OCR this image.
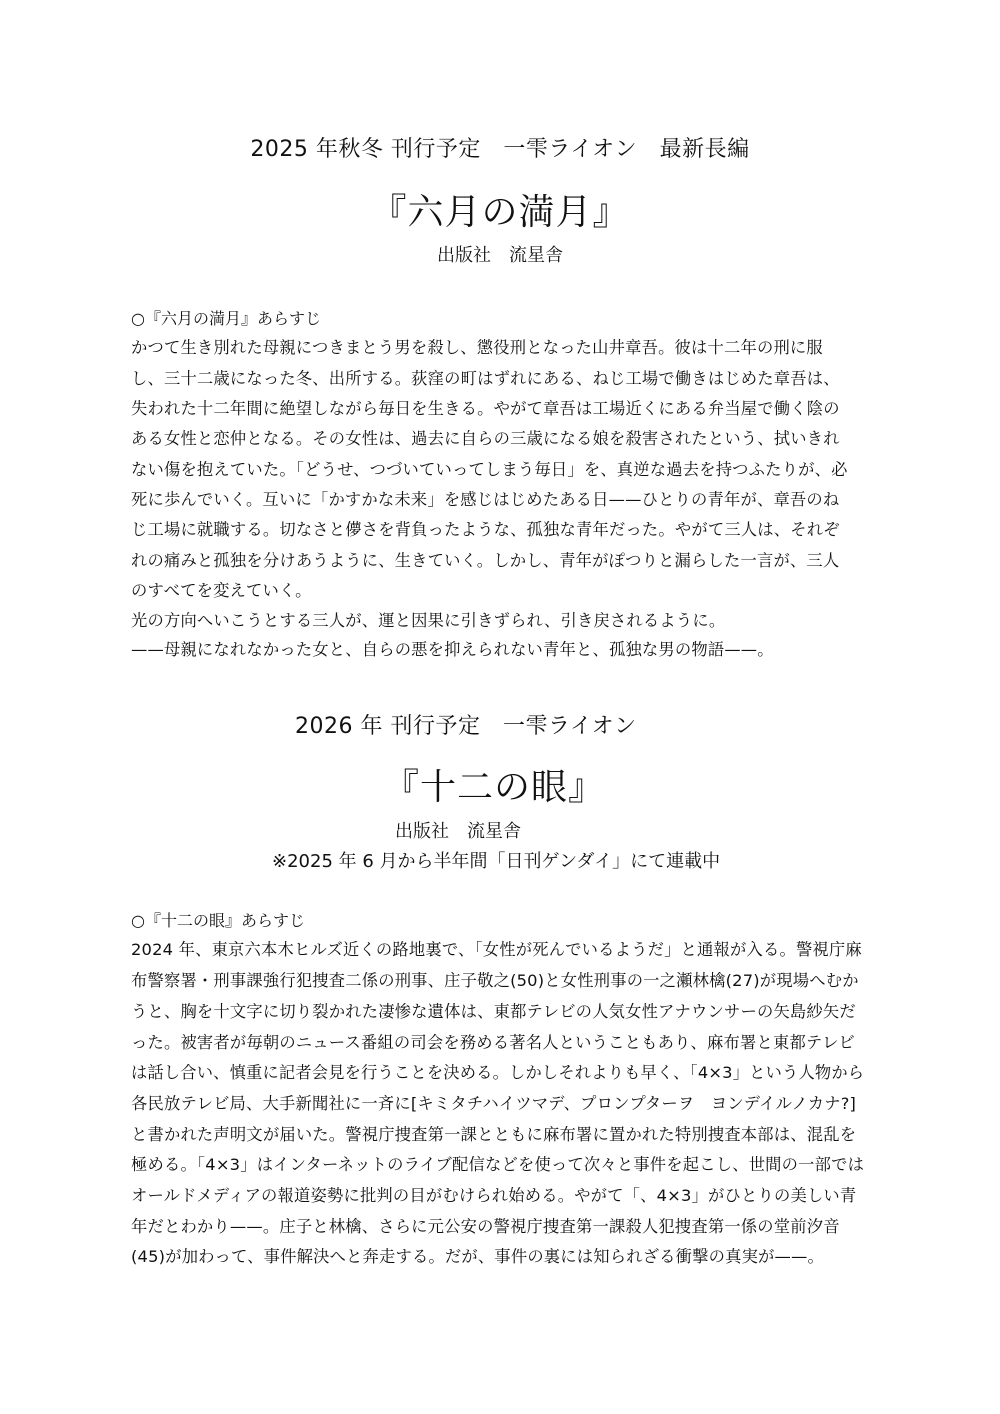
2025 年秋冬 刊行予定　一雫ライオン　最新長編
『六月の満月』
出版社　流星舎
○『六月の満月』あらすじ
かつて生き別れた母親につきまとう男を殺し、懲役刑となった山井章吾。彼は十二年の刑に服
し、三十二歳になった冬、出所する。荻窪の町はずれにある、ねじ工場で働きはじめた章吾は、
失われた十二年間に絶望しながら毎日を生きる。やがて章吾は工場近くにある弁当屋で働く陰の
ある女性と恋仲となる。その女性は、過去に自らの三歳になる娘を殺害されたという、拭いきれ
ない傷を抱えていた。「どうせ、つづいていってしまう毎日」を、真逆な過去を持つふたりが、必
死に歩んでいく。互いに「かすかな未来」を感じはじめたある日——ひとりの青年が、章吾のね
じ工場に就職する。切なさと儚さを背負ったような、孤独な青年だった。やがて三人は、それぞ
れの痛みと孤独を分けあうように、生きていく。しかし、青年がぽつりと漏らした一言が、三人
のすべてを変えていく。
光の方向へいこうとする三人が、運と因果に引きずられ、引き戻されるように。
——母親になれなかった女と、自らの悪を抑えられない青年と、孤独な男の物語——。
2026 年 刊行予定　一雫ライオン
『十二の眼』
出版社　流星舎
※2025 年 6 月から半年間「日刊ゲンダイ」にて連載中
○『十二の眼』あらすじ
2024 年、東京六本木ヒルズ近くの路地裏で、「女性が死んでいるようだ」と通報が入る。警視庁麻
布警察署・刑事課強行犯捜査二係の刑事、庄子敬之(50)と女性刑事の一之瀬林檎(27)が現場へむか
うと、胸を十文字に切り裂かれた凄惨な遺体は、東都テレビの人気女性アナウンサーの矢島紗矢だ
った。被害者が毎朝のニュース番組の司会を務める著名人ということもあり、麻布署と東都テレビ
は話し合い、慎重に記者会見を行うことを決める。しかしそれよりも早く、「4×3」という人物から
各民放テレビ局、大手新聞社に一斉に[キミタチハイツマデ、プロンプターヲ　ヨンデイルノカナ?]
と書かれた声明文が届いた。警視庁捜査第一課とともに麻布署に置かれた特別捜査本部は、混乱を
極める。「4×3」はインターネットのライブ配信などを使って次々と事件を起こし、世間の一部では
オールドメディアの報道姿勢に批判の目がむけられ始める。やがて「、4×3」がひとりの美しい青
年だとわかり——。庄子と林檎、さらに元公安の警視庁捜査第一課殺人犯捜査第一係の堂前汐音
(45)が加わって、事件解決へと奔走する。だが、事件の裏には知られざる衝撃の真実が——。
